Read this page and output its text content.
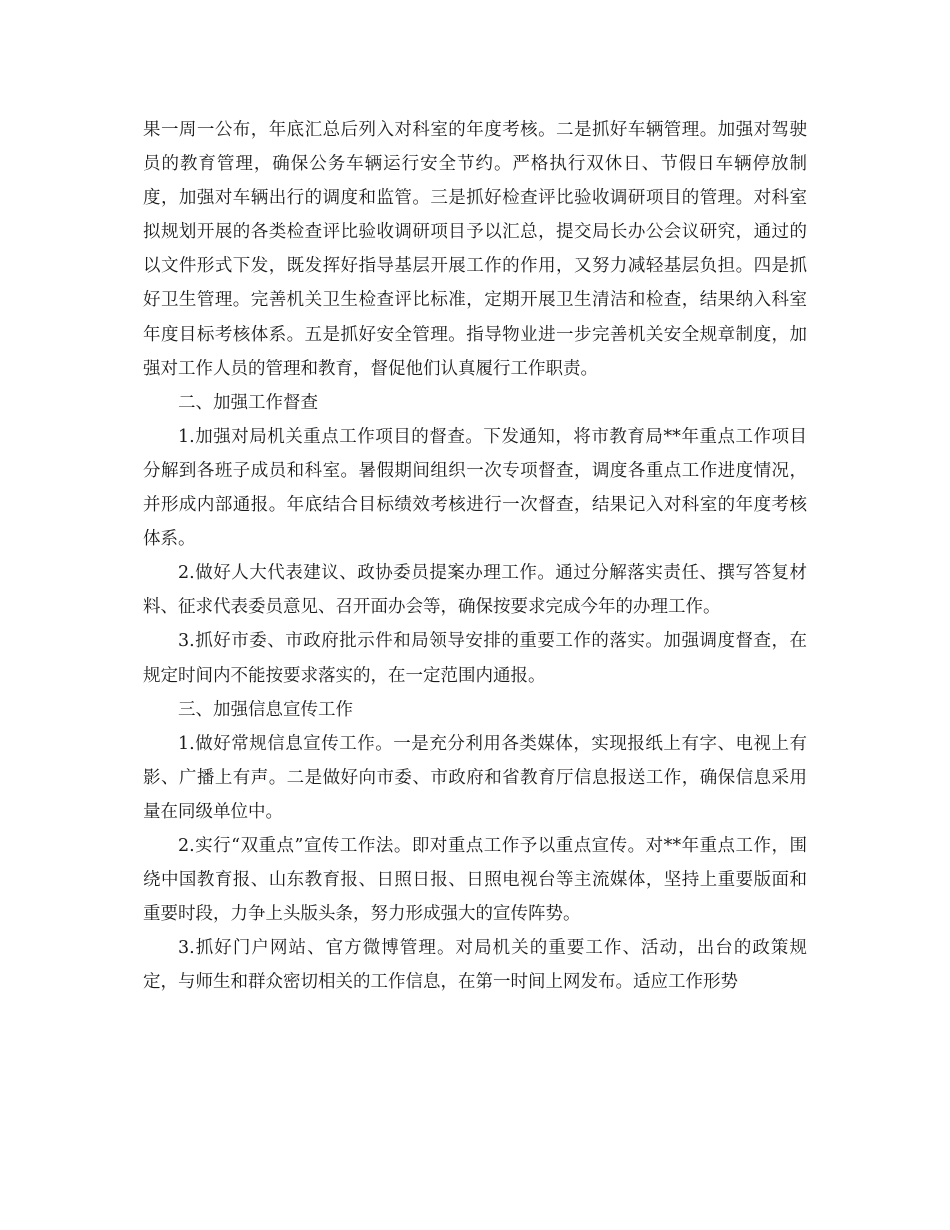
果一周一公布，年底汇总后列入对科室的年度考核。二是抓好车辆管理。加强对驾驶员的教育管理，确保公务车辆运行安全节约。严格执行双休日、节假日车辆停放制度，加强对车辆出行的调度和监管。三是抓好检查评比验收调研项目的管理。对科室拟规划开展的各类检查评比验收调研项目予以汇总，提交局长办公会议研究，通过的以文件形式下发，既发挥好指导基层开展工作的作用，又努力减轻基层负担。四是抓好卫生管理。完善机关卫生检查评比标准，定期开展卫生清洁和检查，结果纳入科室年度目标考核体系。五是抓好安全管理。指导物业进一步完善机关安全规章制度，加强对工作人员的管理和教育，督促他们认真履行工作职责。

二、加强工作督查

1.加强对局机关重点工作项目的督查。下发通知，将市教育局**年重点工作项目分解到各班子成员和科室。暑假期间组织一次专项督查，调度各重点工作进度情况，并形成内部通报。年底结合目标绩效考核进行一次督查，结果记入对科室的年度考核体系。

2.做好人大代表建议、政协委员提案办理工作。通过分解落实责任、撰写答复材料、征求代表委员意见、召开面办会等，确保按要求完成今年的办理工作。

3.抓好市委、市政府批示件和局领导安排的重要工作的落实。加强调度督查，在规定时间内不能按要求落实的，在一定范围内通报。

三、加强信息宣传工作

1.做好常规信息宣传工作。一是充分利用各类媒体，实现报纸上有字、电视上有影、广播上有声。二是做好向市委、市政府和省教育厅信息报送工作，确保信息采用量在同级单位中。

2.实行“双重点”宣传工作法。即对重点工作予以重点宣传。对**年重点工作，围绕中国教育报、山东教育报、日照日报、日照电视台等主流媒体，坚持上重要版面和重要时段，力争上头版头条，努力形成强大的宣传阵势。

3.抓好门户网站、官方微博管理。对局机关的重要工作、活动，出台的政策规定，与师生和群众密切相关的工作信息，在第一时间上网发布。适应工作形势
